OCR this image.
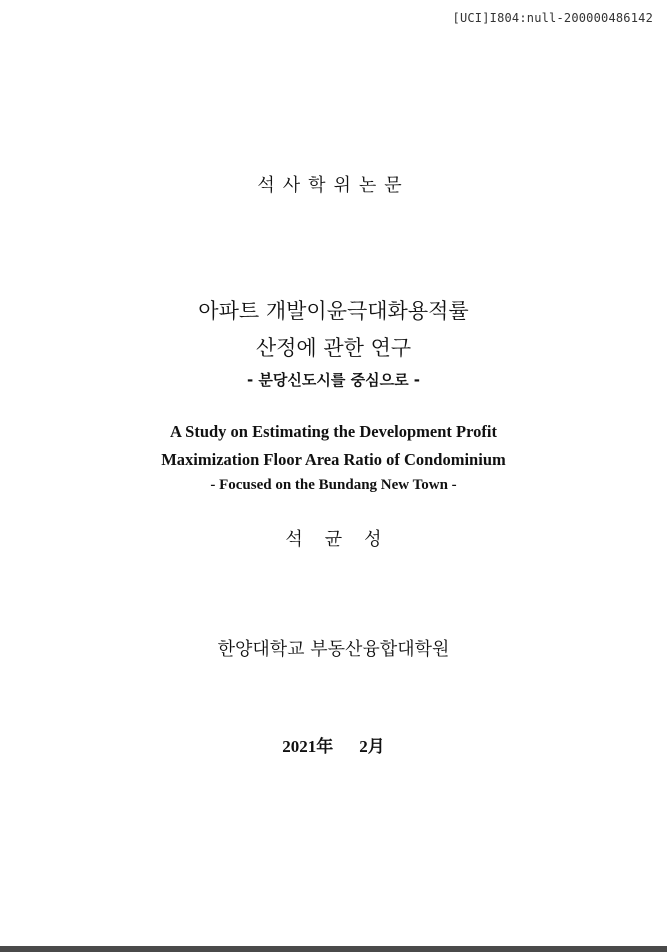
[UCI]I804:null-200000486142
석사학위논문
아파트 개발이윤극대화용적률
산정에 관한 연구
- 분당신도시를 중심으로 -
A Study on Estimating the Development Profit
Maximization Floor Area Ratio of Condominium
- Focused on the Bundang New Town -
석균성
한양대학교 부동산융합대학원
2021年 2月
